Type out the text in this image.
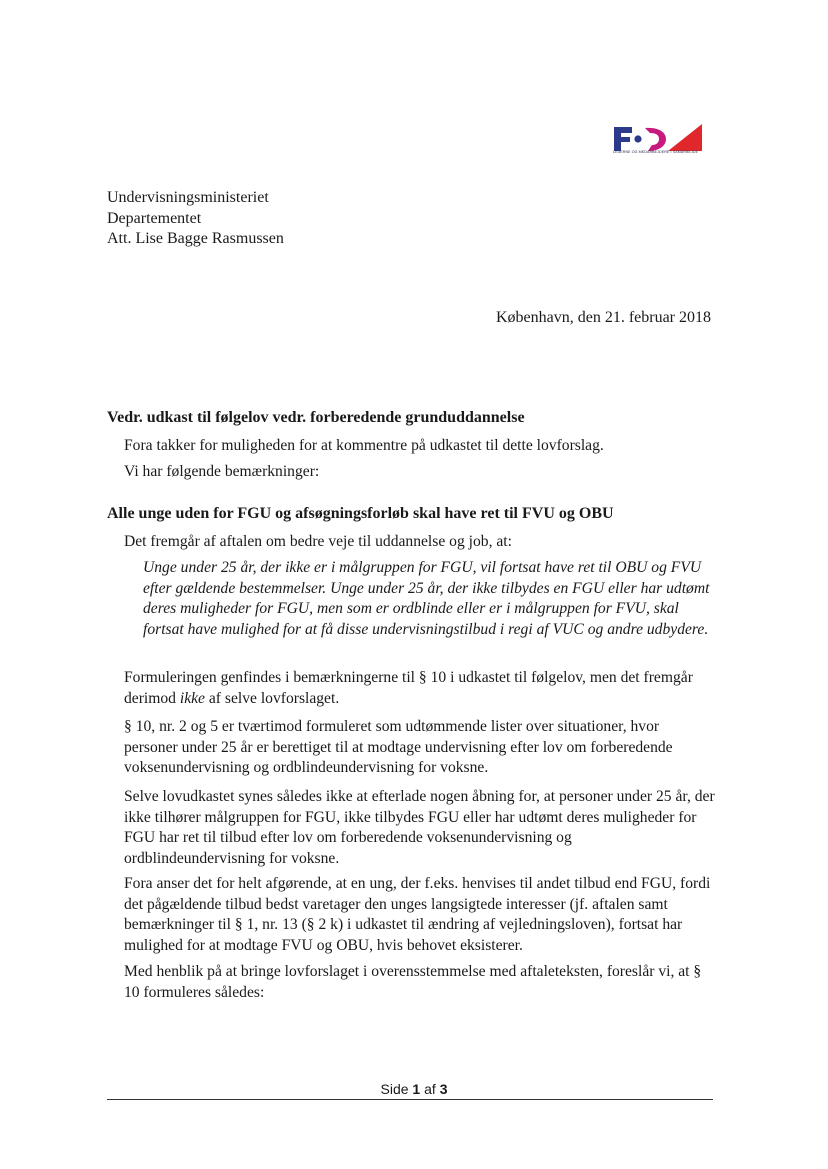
LEDERNE OG MEDARBEJDERE I SAMARBEJDE
Undervisningsministeriet
Departementet
Att. Lise Bagge Rasmussen
København, den 21. februar 2018
Vedr. udkast til følgelov vedr. forberedende grunduddannelse
Fora takker for muligheden for at kommentre på udkastet til dette lovforslag.
Vi har følgende bemærkninger:
Alle unge uden for FGU og afsøgningsforløb skal have ret til FVU og OBU
Det fremgår af aftalen om bedre veje til uddannelse og job, at:
Unge under 25 år, der ikke er i målgruppen for FGU, vil fortsat have ret til OBU og FVU efter gældende bestemmelser. Unge under 25 år, der ikke tilbydes en FGU eller har udtømt deres muligheder for FGU, men som er ordblinde eller er i målgruppen for FVU, skal fortsat have mulighed for at få disse undervisningstilbud i regi af VUC og andre udbydere.
Formuleringen genfindes i bemærkningerne til § 10 i udkastet til følgelov, men det fremgår derimod ikke af selve lovforslaget.
§ 10, nr. 2 og 5 er tværtimod formuleret som udtømmende lister over situationer, hvor personer under 25 år er berettiget til at modtage undervisning efter lov om forberedende voksenundervisning og ordblindeundervisning for voksne.
Selve lovudkastet synes således ikke at efterlade nogen åbning for, at personer under 25 år, der ikke tilhører målgruppen for FGU, ikke tilbydes FGU eller har udtømt deres muligheder for FGU har ret til tilbud efter lov om forberedende voksenundervisning og ordblindeundervisning for voksne.
Fora anser det for helt afgørende, at en ung, der f.eks. henvises til andet tilbud end FGU, fordi det pågældende tilbud bedst varetager den unges langsigtede interesser (jf. aftalen samt bemærkninger til § 1, nr. 13 (§ 2 k) i udkastet til ændring af vejledningsloven), fortsat har mulighed for at modtage FVU og OBU, hvis behovet eksisterer.
Med henblik på at bringe lovforslaget i overensstemmelse med aftaleteksten, foreslår vi, at § 10 formuleres således:
Side 1 af 3
